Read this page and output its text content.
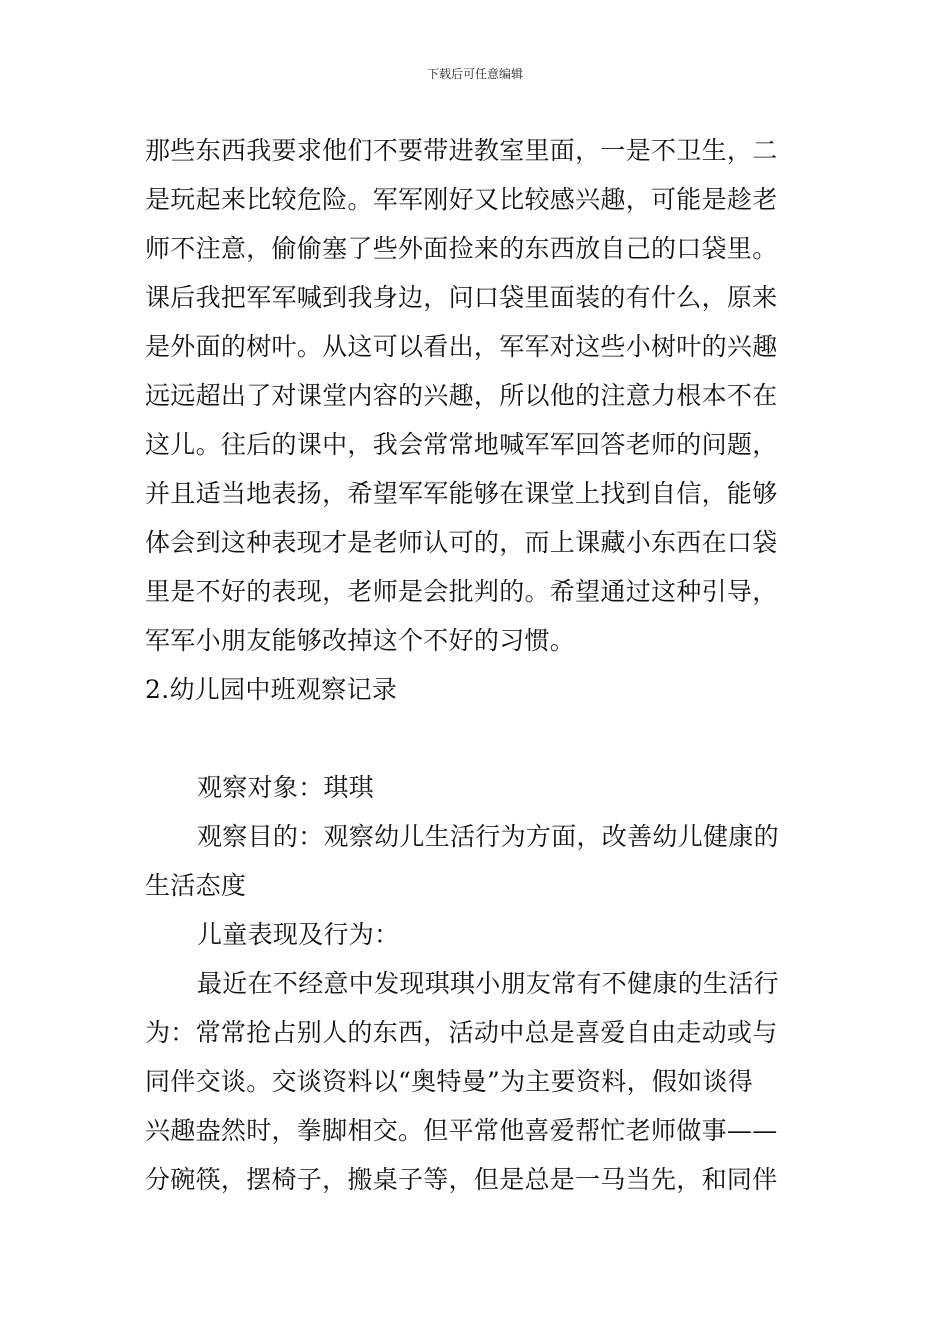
下载后可任意编辑
那些东西我要求他们不要带进教室里面，一是不卫生，二
是玩起来比较危险。军军刚好又比较感兴趣，可能是趁老
师不注意，偷偷塞了些外面捡来的东西放自己的口袋里。
课后我把军军喊到我身边，问口袋里面装的有什么，原来
是外面的树叶。从这可以看出，军军对这些小树叶的兴趣
远远超出了对课堂内容的兴趣，所以他的注意力根本不在
这儿。往后的课中，我会常常地喊军军回答老师的问题，
并且适当地表扬，希望军军能够在课堂上找到自信，能够
体会到这种表现才是老师认可的，而上课藏小东西在口袋
里是不好的表现，老师是会批判的。希望通过这种引导，
军军小朋友能够改掉这个不好的习惯。
2.幼儿园中班观察记录
观察对象：琪琪
观察目的：观察幼儿生活行为方面，改善幼儿健康的
生活态度
儿童表现及行为：
最近在不经意中发现琪琪小朋友常有不健康的生活行
为：常常抢占别人的东西，活动中总是喜爱自由走动或与
同伴交谈。交谈资料以“奥特曼”为主要资料，假如谈得
兴趣盎然时，拳脚相交。但平常他喜爱帮忙老师做事——
分碗筷，摆椅子，搬桌子等，但是总是一马当先，和同伴
